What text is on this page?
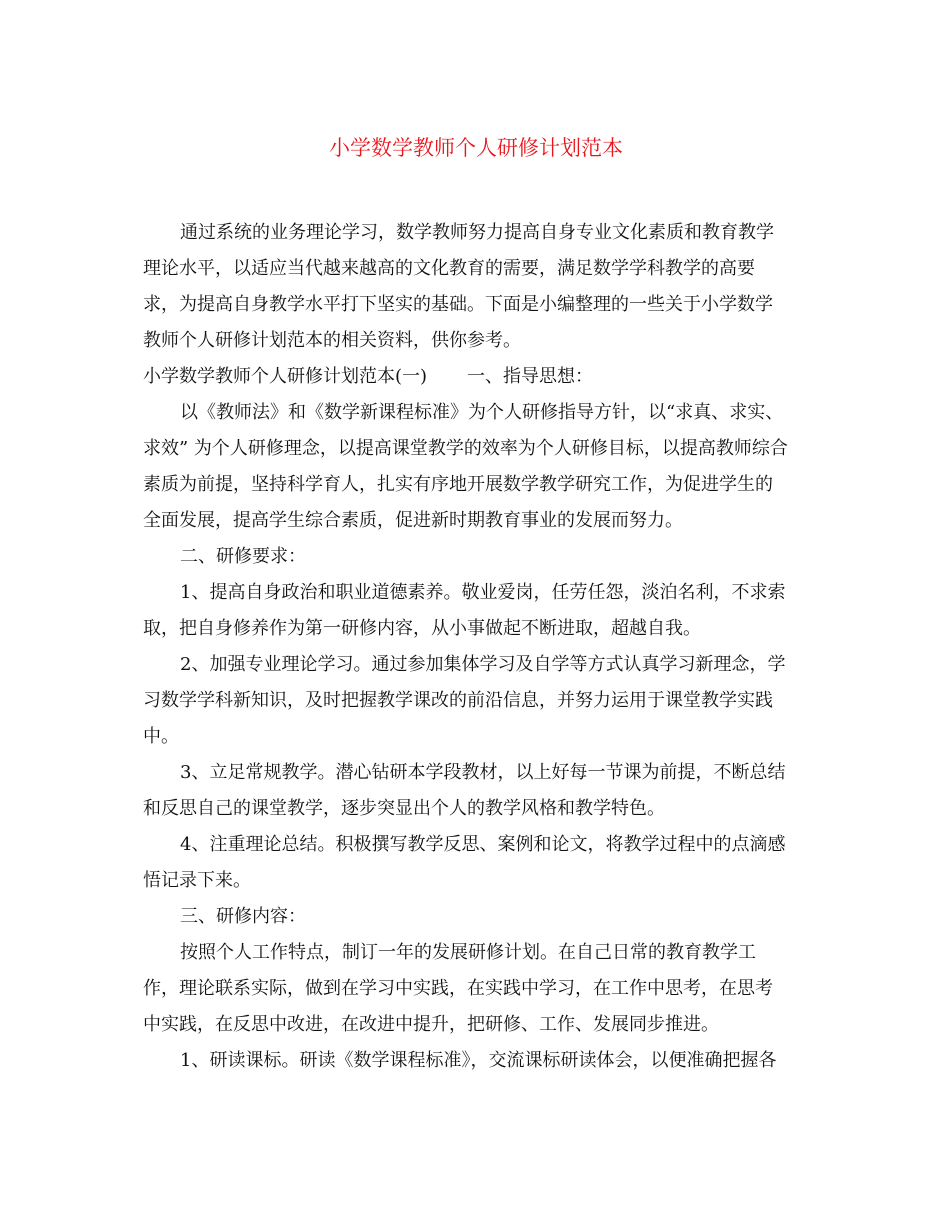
小学数学教师个人研修计划范本
通过系统的业务理论学习，数学教师努力提高自身专业文化素质和教育教学
理论水平，以适应当代越来越高的文化教育的需要，满足数学学科教学的高要
求，为提高自身教学水平打下坚实的基础。下面是小编整理的一些关于小学数学
教师个人研修计划范本的相关资料，供你参考。
小学数学教师个人研修计划范本(一) 一、指导思想：
以《教师法》和《数学新课程标准》为个人研修指导方针，以“求真、求实、
求效” 为个人研修理念，以提高课堂教学的效率为个人研修目标，以提高教师综合
素质为前提，坚持科学育人，扎实有序地开展数学教学研究工作，为促进学生的
全面发展，提高学生综合素质，促进新时期教育事业的发展而努力。
二、研修要求：
1、提高自身政治和职业道德素养。敬业爱岗，任劳任怨，淡泊名利，不求索
取，把自身修养作为第一研修内容，从小事做起不断进取，超越自我。
2、加强专业理论学习。通过参加集体学习及自学等方式认真学习新理念，学
习数学学科新知识，及时把握教学课改的前沿信息，并努力运用于课堂教学实践
中。
3、立足常规教学。潜心钻研本学段教材，以上好每一节课为前提，不断总结
和反思自己的课堂教学，逐步突显出个人的教学风格和教学特色。
4、注重理论总结。积极撰写教学反思、案例和论文，将教学过程中的点滴感
悟记录下来。
三、研修内容：
按照个人工作特点，制订一年的发展研修计划。在自己日常的教育教学工
作，理论联系实际，做到在学习中实践，在实践中学习，在工作中思考，在思考
中实践，在反思中改进，在改进中提升，把研修、工作、发展同步推进。
1、研读课标。研读《数学课程标准》，交流课标研读体会，以便准确把握各
